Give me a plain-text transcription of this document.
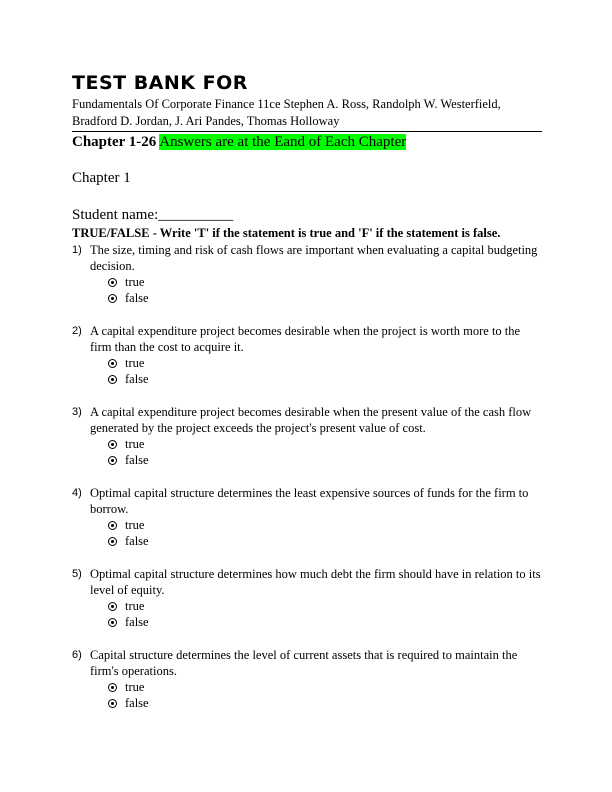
TEST BANK FOR
Fundamentals Of Corporate Finance 11ce Stephen A. Ross, Randolph W. Westerfield, Bradford D. Jordan, J. Ari Pandes, Thomas Holloway
Chapter 1-26 Answers are at the Eand of Each Chapter
Chapter 1
Student name:__________
TRUE/FALSE - Write 'T' if the statement is true and 'F' if the statement is false.
1) The size, timing and risk of cash flows are important when evaluating a capital budgeting decision.
true
false
2) A capital expenditure project becomes desirable when the project is worth more to the firm than the cost to acquire it.
true
false
3) A capital expenditure project becomes desirable when the present value of the cash flow generated by the project exceeds the project's present value of cost.
true
false
4) Optimal capital structure determines the least expensive sources of funds for the firm to borrow.
true
false
5) Optimal capital structure determines how much debt the firm should have in relation to its level of equity.
true
false
6) Capital structure determines the level of current assets that is required to maintain the firm's operations.
true
false
